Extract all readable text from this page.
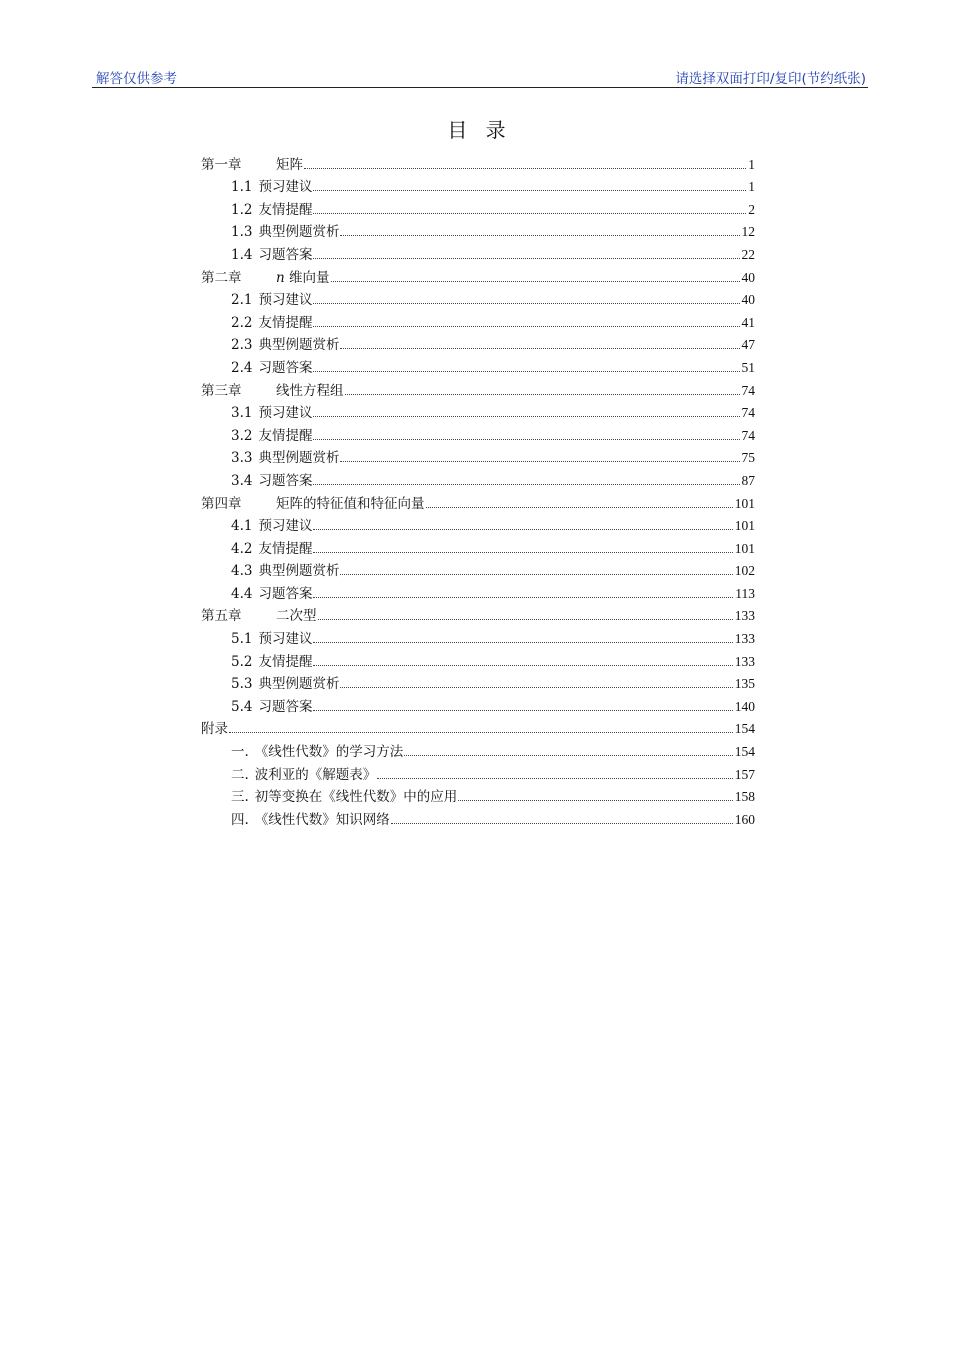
解答仅供参考	请选择双面打印/复印(节约纸张)
目 录
第一章	矩阵	1
1.1 预习建议	1
1.2 友情提醒	2
1.3 典型例题赏析	12
1.4 习题答案	22
第二章	n 维向量	40
2.1 预习建议	40
2.2 友情提醒	41
2.3 典型例题赏析	47
2.4 习题答案	51
第三章	线性方程组	74
3.1 预习建议	74
3.2 友情提醒	74
3.3 典型例题赏析	75
3.4 习题答案	87
第四章	矩阵的特征值和特征向量	101
4.1 预习建议	101
4.2 友情提醒	101
4.3 典型例题赏析	102
4.4 习题答案	113
第五章	二次型	133
5.1 预习建议	133
5.2 友情提醒	133
5.3 典型例题赏析	135
5.4 习题答案	140
附录	154
一. 《线性代数》的学习方法	154
二. 波利亚的《解题表》	157
三. 初等变换在《线性代数》中的应用	158
四. 《线性代数》知识网络	160
